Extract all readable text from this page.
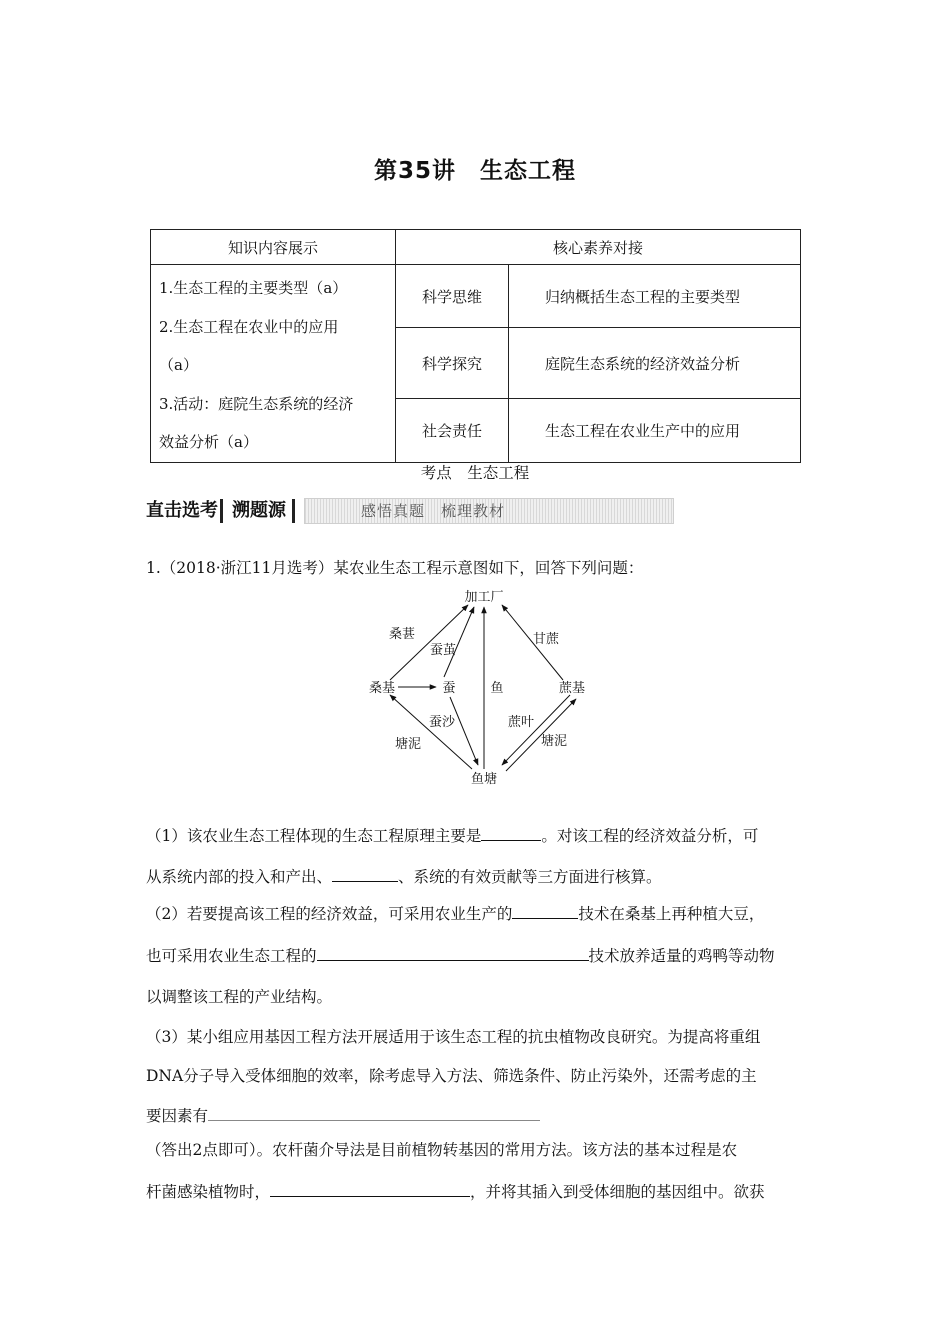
第35讲　生态工程
知识内容展示	核心素养对接	

1.生态工程的主要类型（a）
2.生态工程在农业中的应用
（a）
3.活动：庭院生态系统的经济
效益分析（a）	科学思维	归纳概括生态工程的主要类型
	科学探究	庭院生态系统的经济效益分析
	社会责任	生态工程在农业生产中的应用
考点　生态工程
直击选考 溯题源	感悟真题　梳理教材
1.（2018·浙江11月选考）某农业生态工程示意图如下，回答下列问题：
加工厂
桑基	蚕	蔗基
鱼塘
桑葚
蚕茧
甘蔗
鱼
蚕沙	蔗叶
塘泥	塘泥
（1）该农业生态工程体现的生态工程原理主要是	。对该工程的经济效益分析，可
从系统内部的投入和产出、	、系统的有效贡献等三方面进行核算。
（2）若要提高该工程的经济效益，可采用农业生产的	技术在桑基上再种植大豆，
也可采用农业生态工程的	技术放养适量的鸡鸭等动物
以调整该工程的产业结构。
（3）某小组应用基因工程方法开展适用于该生态工程的抗虫植物改良研究。为提高将重组
DNA分子导入受体细胞的效率，除考虑导入方法、筛选条件、防止污染外，还需考虑的主
要因素有
（答出2点即可）。农杆菌介导法是目前植物转基因的常用方法。该方法的基本过程是农
杆菌感染植物时，	，并将其插入到受体细胞的基因组中。欲获
